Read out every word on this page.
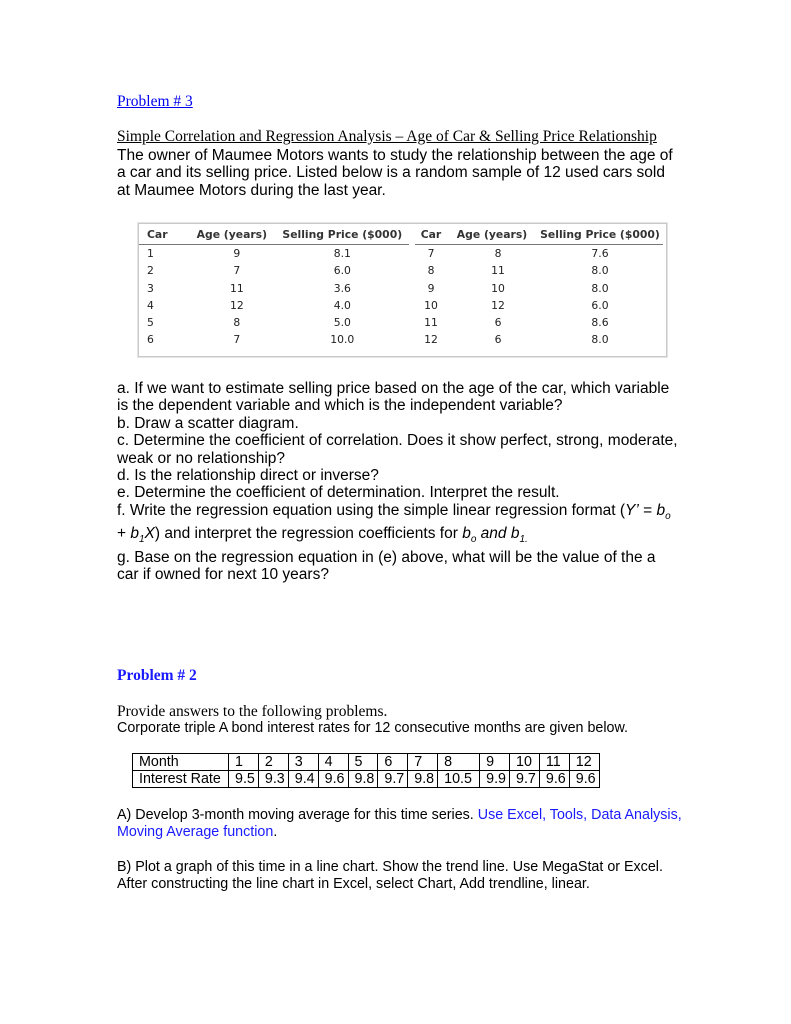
Problem # 3
Simple Correlation and Regression Analysis – Age of Car & Selling Price Relationship
The owner of Maumee Motors wants to study the relationship between the age of
a car and its selling price. Listed below is a random sample of 12 used cars sold
at Maumee Motors during the last year.
Car	Age (years)	Selling Price ($000)
1	9	8.1
2	7	6.0
3	11	3.6
4	12	4.0
5	8	5.0
6	7	10.0
Car	Age (years)	Selling Price ($000)
7	8	7.6
8	11	8.0
9	10	8.0
10	12	6.0
11	6	8.6
12	6	8.0
a. If we want to estimate selling price based on the age of the car, which variable
is the dependent variable and which is the independent variable?
b. Draw a scatter diagram.
c. Determine the coefficient of correlation. Does it show perfect, strong, moderate,
weak or no relationship?
d. Is the relationship direct or inverse?
e. Determine the coefficient of determination. Interpret the result.
f. Write the regression equation using the simple linear regression format (Y’ = $b_o$
+ $b_1X$) and interpret the regression coefficients for $b_o$ and $b_{1.}$
g. Base on the regression equation in (e) above, what will be the value of the a
car if owned for next 10 years?
Problem # 2
Provide answers to the following problems.
Corporate triple A bond interest rates for 12 consecutive months are given below.
Month	1	2	3	4	5	6	7	8	9	10	11	12
Interest Rate	9.5	9.3	9.4	9.6	9.8	9.7	9.8	10.5	9.9	9.7	9.6	9.6
A) Develop 3-month moving average for this time series. Use Excel, Tools, Data Analysis,
Moving Average function.
B) Plot a graph of this time in a line chart. Show the trend line. Use MegaStat or Excel.
After constructing the line chart in Excel, select Chart, Add trendline, linear.
